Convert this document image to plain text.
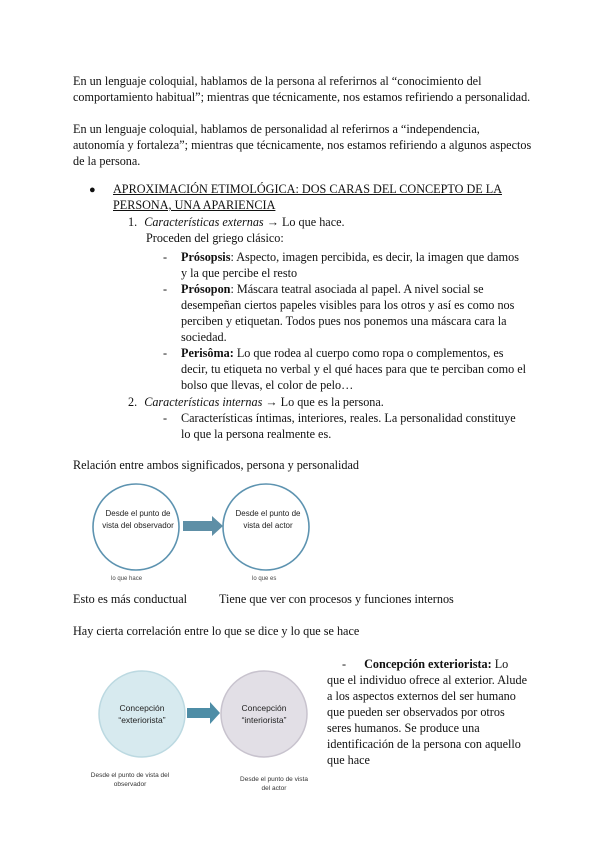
En un lenguaje coloquial, hablamos de la persona al referirnos al “conocimiento del comportamiento habitual”; mientras que técnicamente, nos estamos refiriendo a personalidad.

En un lenguaje coloquial, hablamos de personalidad al referirnos a “independencia, autonomía y fortaleza”; mientras que técnicamente, nos estamos refiriendo a algunos aspectos de la persona.

● APROXIMACIÓN ETIMOLÓGICA: DOS CARAS DEL CONCEPTO DE LA PERSONA, UNA APARIENCIA
1. Características externas → Lo que hace.
Proceden del griego clásico:
- Prósopsis: Aspecto, imagen percibida, es decir, la imagen que damos y la que percibe el resto
- Prósopon: Máscara teatral asociada al papel. A nivel social se desempeñan ciertos papeles visibles para los otros y así es como nos perciben y etiquetan. Todos pues nos ponemos una máscara cara la sociedad.
- Perisôma: Lo que rodea al cuerpo como ropa o complementos, es decir, tu etiqueta no verbal y el qué haces para que te perciban como el bolso que llevas, el color de pelo…
2. Características internas → Lo que es la persona.
- Características íntimas, interiores, reales. La personalidad constituye lo que la persona realmente es.
Relación entre ambos significados, persona y personalidad
Desde el punto de vista del observador
Desde el punto de vista del actor
lo que hace	lo que es
Esto es más conductual	Tiene que ver con procesos y funciones internos
Hay cierta correlación entre lo que se dice y lo que se hace
Concepción “exteriorista”
Concepción “interiorista”
Desde el punto de vista del observador
Desde el punto de vista del actor
- Concepción exteriorista: Lo que el individuo ofrece al exterior. Alude a los aspectos externos del ser humano que pueden ser observados por otros seres humanos. Se produce una identificación de la persona con aquello que hace
